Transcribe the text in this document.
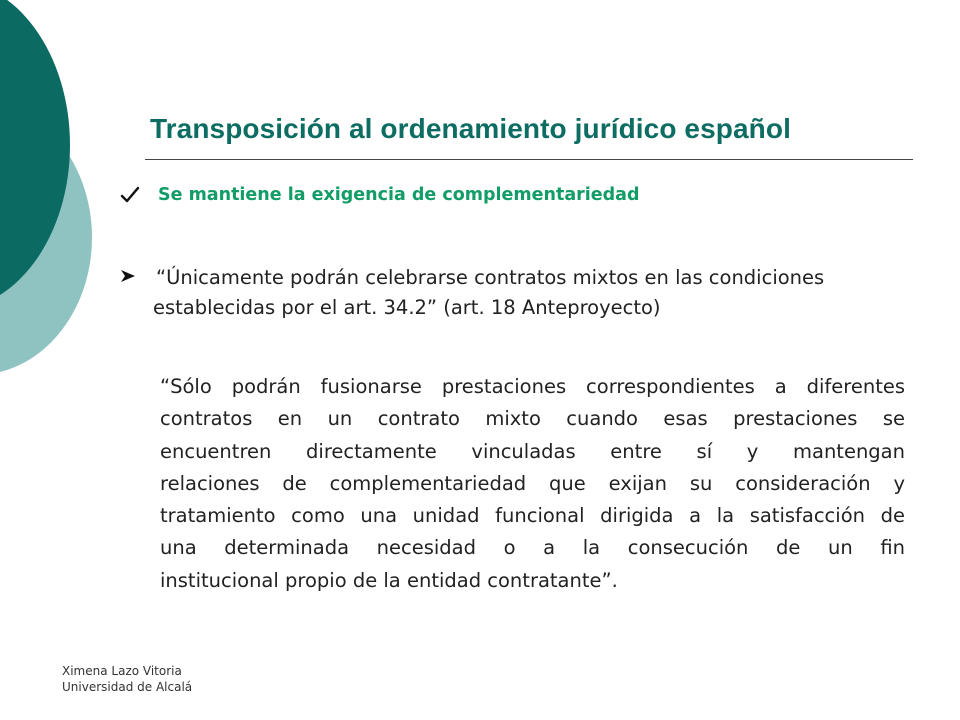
Transposición al ordenamiento jurídico español
Se mantiene la exigencia de complementariedad
“Únicamente podrán celebrarse contratos mixtos en las condiciones
establecidas por el art. 34.2” (art. 18 Anteproyecto)
“Sólo podrán fusionarse prestaciones correspondientes a diferentes
contratos en un contrato mixto cuando esas prestaciones se
encuentren directamente vinculadas entre sí y mantengan
relaciones de complementariedad que exijan su consideración y
tratamiento como una unidad funcional dirigida a la satisfacción de
una determinada necesidad o a la consecución de un fin
institucional propio de la entidad contratante”.
Ximena Lazo Vitoria
Universidad de Alcalá
